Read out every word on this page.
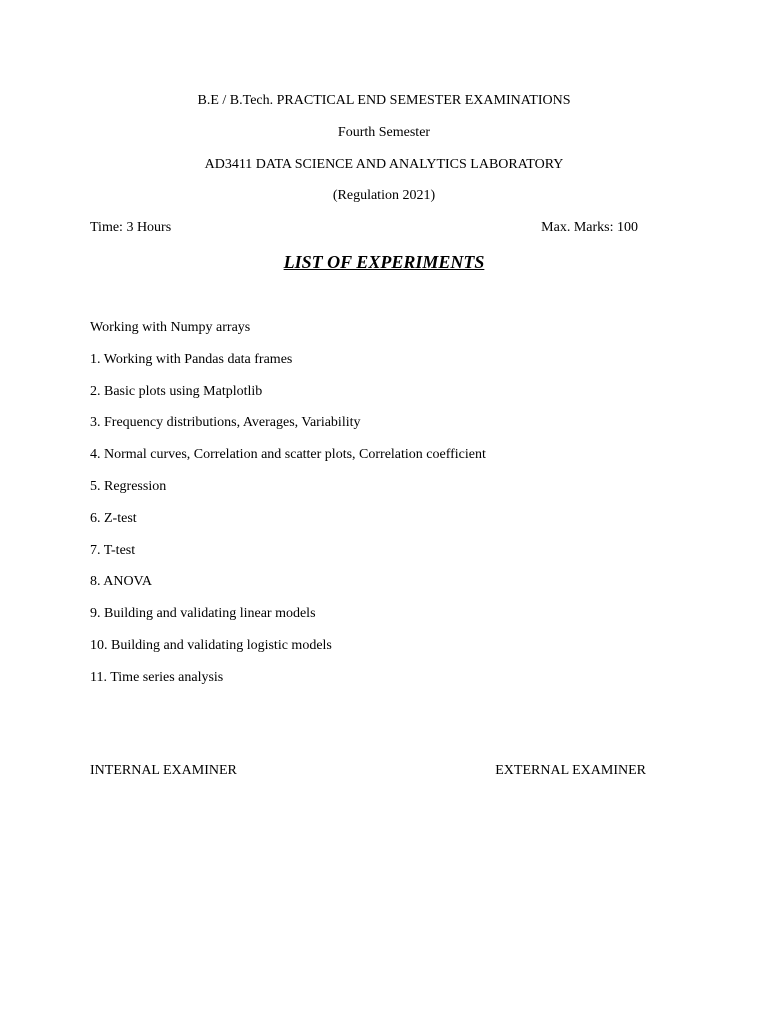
B.E / B.Tech. PRACTICAL END SEMESTER EXAMINATIONS
Fourth Semester
AD3411 DATA SCIENCE AND ANALYTICS LABORATORY
(Regulation 2021)
Time: 3 Hours	Max. Marks: 100
LIST OF EXPERIMENTS
Working with Numpy arrays
1. Working with Pandas data frames
2. Basic plots using Matplotlib
3. Frequency distributions, Averages, Variability
4. Normal curves, Correlation and scatter plots, Correlation coefficient
5. Regression
6. Z-test
7. T-test
8. ANOVA
9. Building and validating linear models
10. Building and validating logistic models
11. Time series analysis
INTERNAL EXAMINER	EXTERNAL EXAMINER
